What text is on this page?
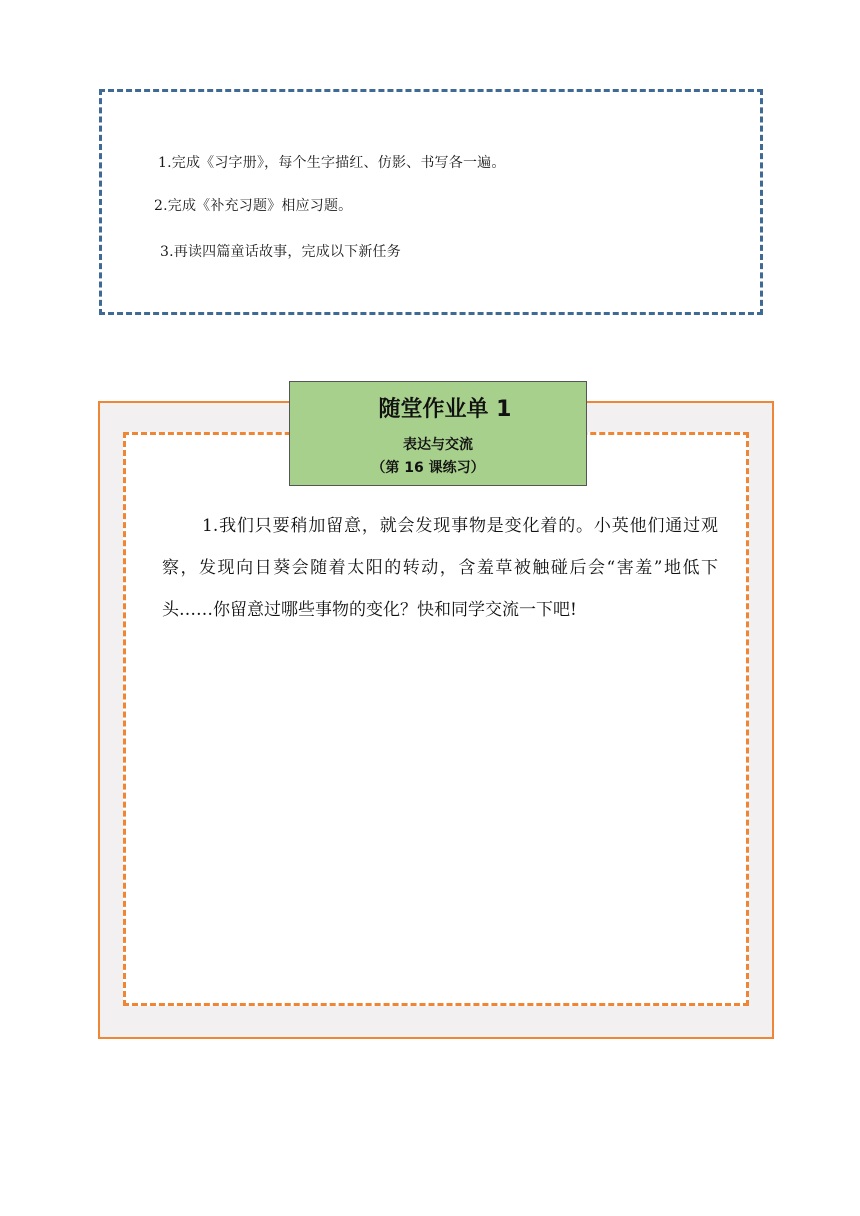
1.完成《习字册》，每个生字描红、仿影、书写各一遍。
2.完成《补充习题》相应习题。
3.再读四篇童话故事，完成以下新任务
随堂作业单 1
表达与交流
（第 16 课练习）
1.我们只要稍加留意，就会发现事物是变化着的。小英他们通过观察，发现向日葵会随着太阳的转动，含羞草被触碰后会“害羞”地低下头……你留意过哪些事物的变化？快和同学交流一下吧!
